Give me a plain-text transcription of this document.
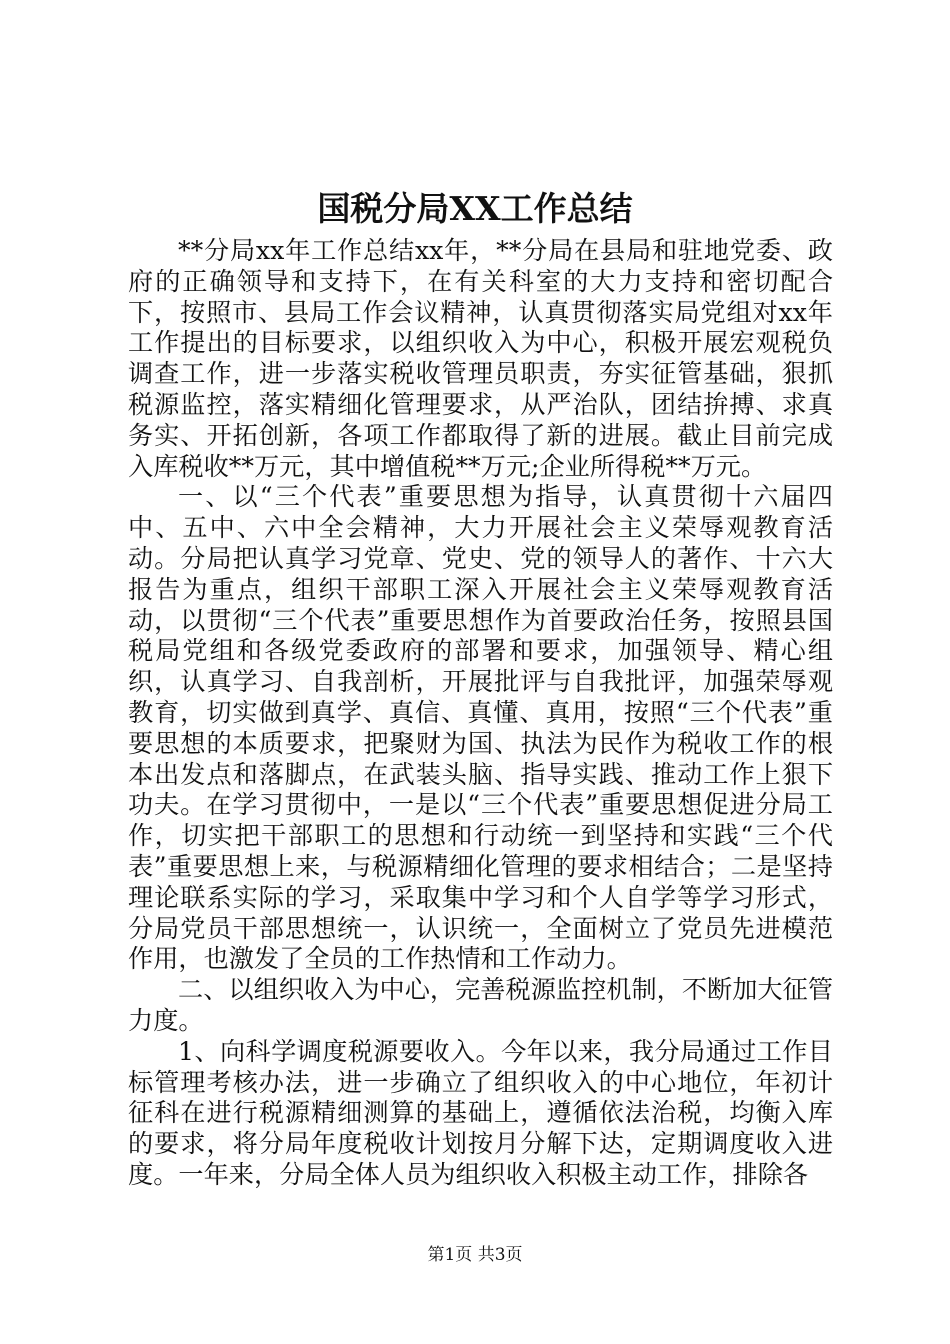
国税分局XX工作总结

**分局xx年工作总结xx年，**分局在县局和驻地党委、政府的正确领导和支持下，在有关科室的大力支持和密切配合下，按照市、县局工作会议精神，认真贯彻落实局党组对xx年工作提出的目标要求，以组织收入为中心，积极开展宏观税负调查工作，进一步落实税收管理员职责，夯实征管基础，狠抓税源监控，落实精细化管理要求，从严治队，团结拚搏、求真务实、开拓创新，各项工作都取得了新的进展。截止目前完成入库税收**万元，其中增值税**万元;企业所得税**万元。

一、以“三个代表”重要思想为指导，认真贯彻十六届四中、五中、六中全会精神，大力开展社会主义荣辱观教育活动。分局把认真学习党章、党史、党的领导人的著作、十六大报告为重点，组织干部职工深入开展社会主义荣辱观教育活动，以贯彻“三个代表”重要思想作为首要政治任务，按照县国税局党组和各级党委政府的部署和要求，加强领导、精心组织，认真学习、自我剖析，开展批评与自我批评，加强荣辱观教育，切实做到真学、真信、真懂、真用，按照“三个代表”重要思想的本质要求，把聚财为国、执法为民作为税收工作的根本出发点和落脚点，在武装头脑、指导实践、推动工作上狠下功夫。在学习贯彻中，一是以“三个代表”重要思想促进分局工作，切实把干部职工的思想和行动统一到坚持和实践“三个代表”重要思想上来，与税源精细化管理的要求相结合；二是坚持理论联系实际的学习，采取集中学习和个人自学等学习形式，分局党员干部思想统一，认识统一，全面树立了党员先进模范作用，也激发了全员的工作热情和工作动力。

二、以组织收入为中心，完善税源监控机制，不断加大征管力度。

1、向科学调度税源要收入。今年以来，我分局通过工作目标管理考核办法，进一步确立了组织收入的中心地位，年初计征科在进行税源精细测算的基础上，遵循依法治税，均衡入库的要求，将分局年度税收计划按月分解下达，定期调度收入进度。一年来，分局全体人员为组织收入积极主动工作，排除各

第1页 共3页
